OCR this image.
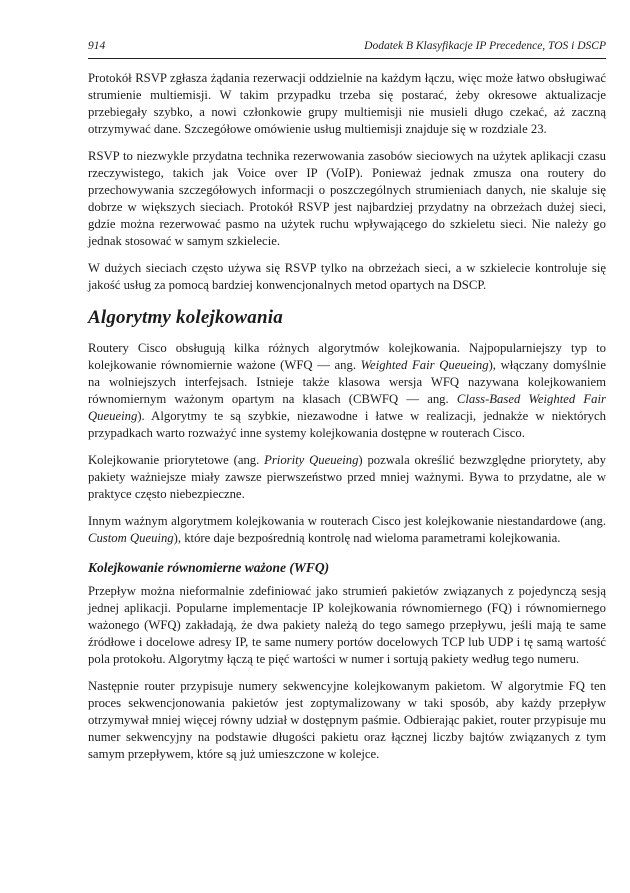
914	Dodatek B Klasyfikacje IP Precedence, TOS i DSCP

Protokół RSVP zgłasza żądania rezerwacji oddzielnie na każdym łączu, więc może łatwo obsługiwać strumienie multiemisji. W takim przypadku trzeba się postarać, żeby okresowe aktualizacje przebiegały szybko, a nowi członkowie grupy multiemisji nie musieli długo czekać, aż zaczną otrzymywać dane. Szczegółowe omówienie usług multiemisji znajduje się w rozdziale 23.

RSVP to niezwykle przydatna technika rezerwowania zasobów sieciowych na użytek aplikacji czasu rzeczywistego, takich jak Voice over IP (VoIP). Ponieważ jednak zmusza ona routery do przechowywania szczegółowych informacji o poszczególnych strumieniach danych, nie skaluje się dobrze w większych sieciach. Protokół RSVP jest najbardziej przydatny na obrzeżach dużej sieci, gdzie można rezerwować pasmo na użytek ruchu wpływającego do szkieletu sieci. Nie należy go jednak stosować w samym szkielecie.

W dużych sieciach często używa się RSVP tylko na obrzeżach sieci, a w szkielecie kontroluje się jakość usług za pomocą bardziej konwencjonalnych metod opartych na DSCP.

Algorytmy kolejkowania

Routery Cisco obsługują kilka różnych algorytmów kolejkowania. Najpopularniejszy typ to kolejkowanie równomiernie ważone (WFQ — ang. Weighted Fair Queueing), włączany domyślnie na wolniejszych interfejsach. Istnieje także klasowa wersja WFQ nazywana kolejkowaniem równomiernym ważonym opartym na klasach (CBWFQ — ang. Class-Based Weighted Fair Queueing). Algorytmy te są szybkie, niezawodne i łatwe w realizacji, jednakże w niektórych przypadkach warto rozważyć inne systemy kolejkowania dostępne w routerach Cisco.

Kolejkowanie priorytetowe (ang. Priority Queueing) pozwala określić bezwzględne priorytety, aby pakiety ważniejsze miały zawsze pierwszeństwo przed mniej ważnymi. Bywa to przydatne, ale w praktyce często niebezpieczne.

Innym ważnym algorytmem kolejkowania w routerach Cisco jest kolejkowanie niestandardowe (ang. Custom Queuing), które daje bezpośrednią kontrolę nad wieloma parametrami kolejkowania.

Kolejkowanie równomierne ważone (WFQ)

Przepływ można nieformalnie zdefiniować jako strumień pakietów związanych z pojedynczą sesją jednej aplikacji. Popularne implementacje IP kolejkowania równomiernego (FQ) i równomiernego ważonego (WFQ) zakładają, że dwa pakiety należą do tego samego przepływu, jeśli mają te same źródłowe i docelowe adresy IP, te same numery portów docelowych TCP lub UDP i tę samą wartość pola protokołu. Algorytmy łączą te pięć wartości w numer i sortują pakiety według tego numeru.

Następnie router przypisuje numery sekwencyjne kolejkowanym pakietom. W algorytmie FQ ten proces sekwencjonowania pakietów jest zoptymalizowany w taki sposób, aby każdy przepływ otrzymywał mniej więcej równy udział w dostępnym paśmie. Odbierając pakiet, router przypisuje mu numer sekwencyjny na podstawie długości pakietu oraz łącznej liczby bajtów związanych z tym samym przepływem, które są już umieszczone w kolejce.
